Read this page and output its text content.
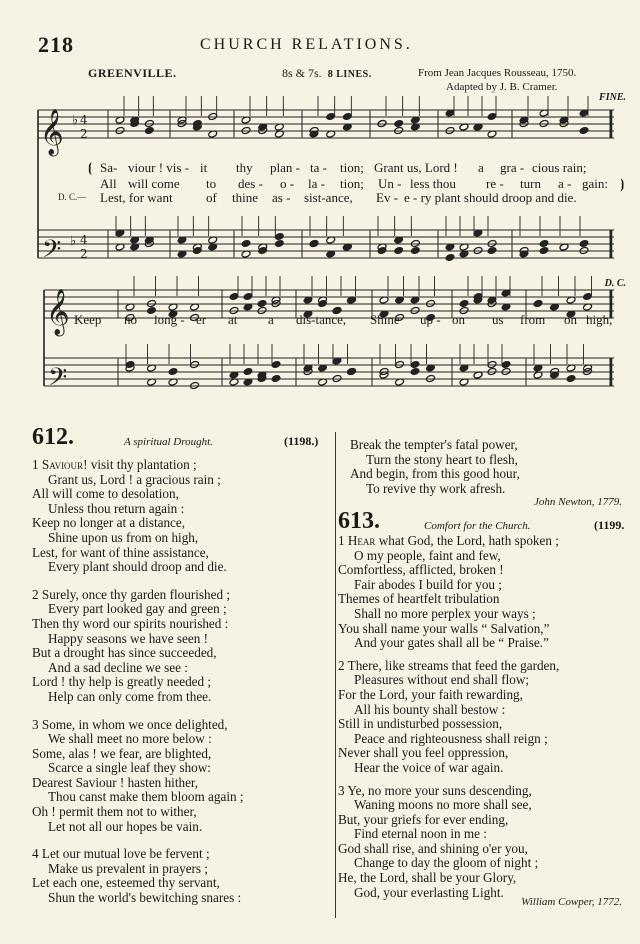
218	CHURCH RELATIONS.
GREENVILLE.	8s & 7s. 8 LINES.	From Jean Jacques Rousseau, 1750.
Adapted by J. B. Cramer.
FINE.
D. C.
𝄞
𝄢
𝄞
𝄢
♭
♭
4
2
4
2
⦗ Sa- viour ! vis - it thy plan - ta - tion; Grant us, Lord ! a gra - cious rain;
All will come to des - o - la - tion; Un - less thou re - turn a - gain: ⦘
D. C.— Lest, for want	of thine as - sist-ance, Ev - e - ry plant should droop and die.
Keep no long - er at a dis-tance, Shine up - on us from on high,
612.	A spiritual Drought.	(1198.)
1 Saviour! visit thy plantation ;
Grant us, Lord ! a gracious rain ;
All will come to desolation,
Unless thou return again :
Keep no longer at a distance,
Shine upon us from on high,
Lest, for want of thine assistance,
Every plant should droop and die.
2 Surely, once thy garden flourished ;
Every part looked gay and green ;
Then thy word our spirits nourished :
Happy seasons we have seen !
But a drought has since succeeded,
And a sad decline we see :
Lord ! thy help is greatly needed ;
Help can only come from thee.
3 Some, in whom we once delighted,
We shall meet no more below :
Some, alas ! we fear, are blighted,
Scarce a single leaf they show:
Dearest Saviour ! hasten hither,
Thou canst make them bloom again ;
Oh ! permit them not to wither,
Let not all our hopes be vain.
4 Let our mutual love be fervent ;
Make us prevalent in prayers ;
Let each one, esteemed thy servant,
Shun the world's bewitching snares :
Break the tempter's fatal power,
Turn the stony heart to flesh,
And begin, from this good hour,
To revive thy work afresh.
John Newton, 1779.
613.	Comfort for the Church.	(1199.
1 Hear what God, the Lord, hath spoken ;
O my people, faint and few,
Comfortless, afflicted, broken !
Fair abodes I build for you ;
Themes of heartfelt tribulation
Shall no more perplex your ways ;
You shall name your walls “ Salvation,”
And your gates shall all be “ Praise.”
2 There, like streams that feed the garden,
Pleasures without end shall flow;
For the Lord, your faith rewarding,
All his bounty shall bestow :
Still in undisturbed possession,
Peace and righteousness shall reign ;
Never shall you feel oppression,
Hear the voice of war again.
3 Ye, no more your suns descending,
Waning moons no more shall see,
But, your griefs for ever ending,
Find eternal noon in me :
God shall rise, and shining o'er you,
Change to day the gloom of night ;
He, the Lord, shall be your Glory,
God, your everlasting Light.
William Cowper, 1772.
